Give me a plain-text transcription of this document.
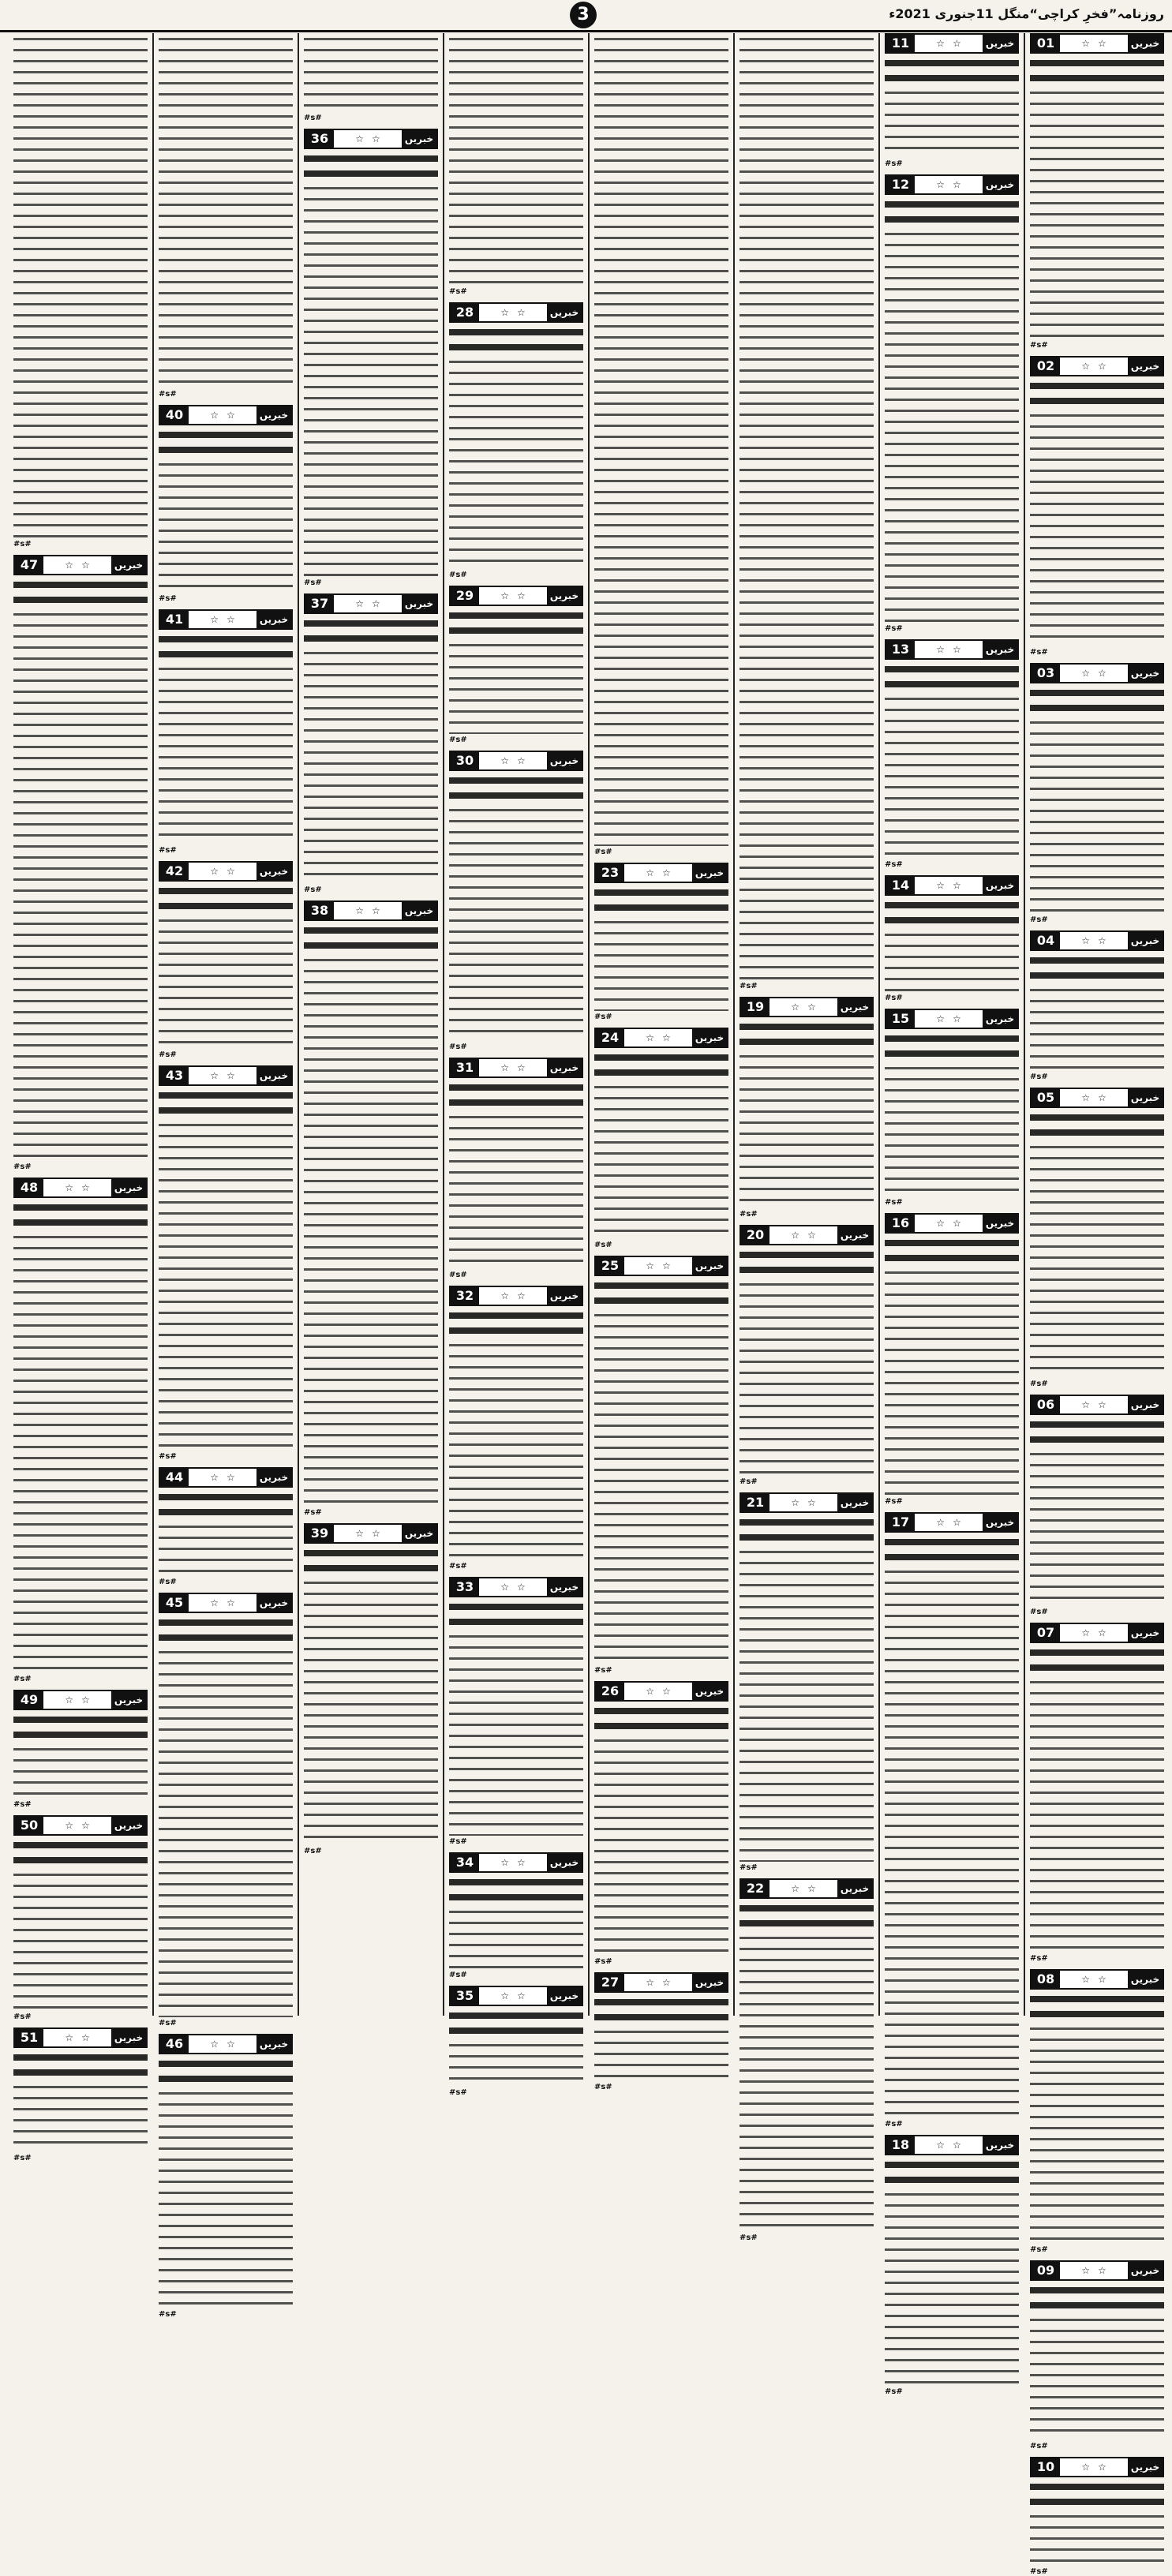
3	روزنامہ”فخرِ کراچی“منگل 11جنوری 2021ء
خبریں
☆
☆
01
#s#
خبریں
☆
☆
02
#s#
خبریں
☆
☆
03
#s#
خبریں
☆
☆
04
#s#
خبریں
☆
☆
05
#s#
خبریں
☆
☆
06
#s#
خبریں
☆
☆
07
#s#
خبریں
☆
☆
08
#s#
خبریں
☆
☆
09
#s#
خبریں
☆
☆
10
#s#
خبریں
☆
☆
11
#s#
خبریں
☆
☆
12
#s#
خبریں
☆
☆
13
#s#
خبریں
☆
☆
14
#s#
خبریں
☆
☆
15
#s#
خبریں
☆
☆
16
#s#
خبریں
☆
☆
17
#s#
خبریں
☆
☆
18
#s#
#s#
خبریں
☆
☆
19
#s#
خبریں
☆
☆
20
#s#
خبریں
☆
☆
21
#s#
خبریں
☆
☆
22
#s#
#s#
خبریں
☆
☆
23
#s#
خبریں
☆
☆
24
#s#
خبریں
☆
☆
25
#s#
خبریں
☆
☆
26
#s#
خبریں
☆
☆
27
#s#
#s#
خبریں
☆
☆
28
#s#
خبریں
☆
☆
29
#s#
خبریں
☆
☆
30
#s#
خبریں
☆
☆
31
#s#
خبریں
☆
☆
32
#s#
خبریں
☆
☆
33
#s#
خبریں
☆
☆
34
#s#
خبریں
☆
☆
35
#s#
#s#
خبریں
☆
☆
36
#s#
خبریں
☆
☆
37
#s#
خبریں
☆
☆
38
#s#
خبریں
☆
☆
39
#s#
#s#
خبریں
☆
☆
40
#s#
خبریں
☆
☆
41
#s#
خبریں
☆
☆
42
#s#
خبریں
☆
☆
43
#s#
خبریں
☆
☆
44
#s#
خبریں
☆
☆
45
#s#
خبریں
☆
☆
46
#s#
#s#
خبریں
☆
☆
47
#s#
خبریں
☆
☆
48
#s#
خبریں
☆
☆
49
#s#
خبریں
☆
☆
50
#s#
خبریں
☆
☆
51
#s#
